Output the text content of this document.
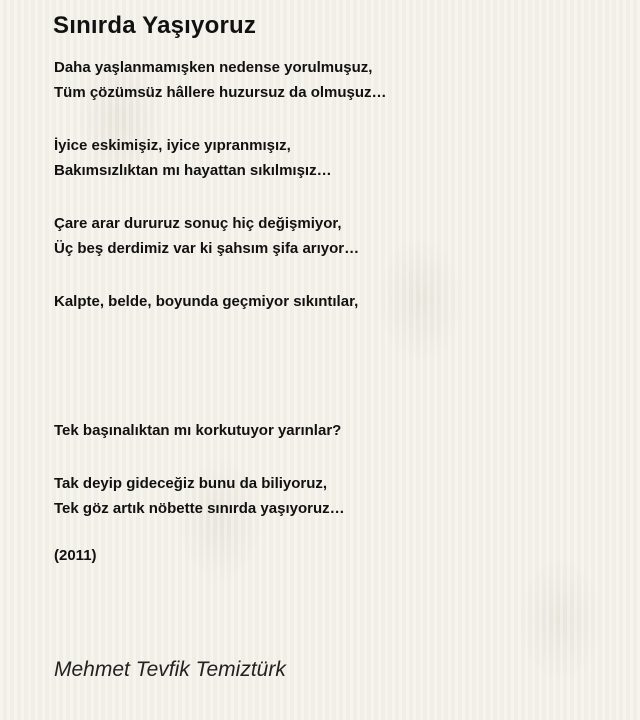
Sınırda Yaşıyoruz
Daha yaşlanmamışken nedense yorulmuşuz,
Tüm çözümsüz hâllere huzursuz da olmuşuz…
İyice eskimişiz, iyice yıpranmışız,
Bakımsızlıktan mı hayattan sıkılmışız…
Çare arar dururuz sonuç hiç değişmiyor,
Üç beş derdimiz var ki şahsım şifa arıyor…
Kalpte, belde, boyunda geçmiyor sıkıntılar,
Tek başınalıktan mı korkutuyor yarınlar?
Tak deyip gideceğiz bunu da biliyoruz,
Tek göz artık nöbette sınırda yaşıyoruz…
(2011)
Mehmet Tevfik Temiztürk
